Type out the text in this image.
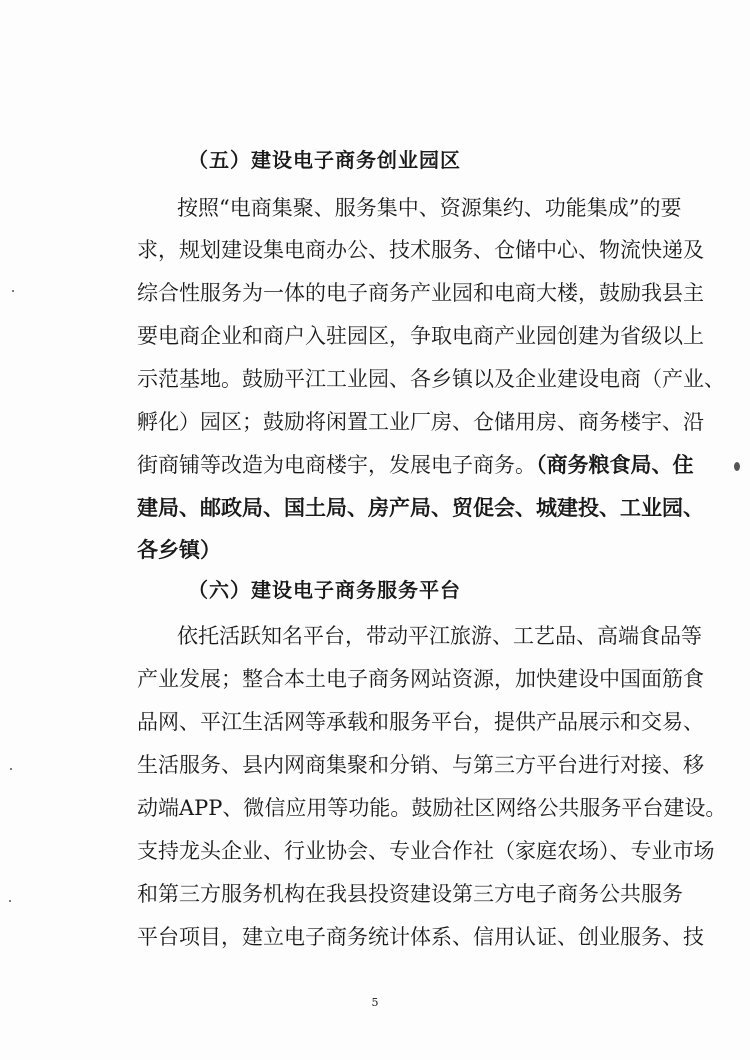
（五）建设电子商务创业园区
按照“电商集聚、服务集中、资源集约、功能集成”的要
求，规划建设集电商办公、技术服务、仓储中心、物流快递及
综合性服务为一体的电子商务产业园和电商大楼，鼓励我县主
要电商企业和商户入驻园区，争取电商产业园创建为省级以上
示范基地。鼓励平江工业园、各乡镇以及企业建设电商（产业、
孵化）园区；鼓励将闲置工业厂房、仓储用房、商务楼宇、沿
街商铺等改造为电商楼宇，发展电子商务。（商务粮食局、住
建局、邮政局、国土局、房产局、贸促会、城建投、工业园、
各乡镇）
（六）建设电子商务服务平台
依托活跃知名平台，带动平江旅游、工艺品、高端食品等
产业发展；整合本土电子商务网站资源，加快建设中国面筋食
品网、平江生活网等承载和服务平台，提供产品展示和交易、
生活服务、县内网商集聚和分销、与第三方平台进行对接、移
动端APP、微信应用等功能。鼓励社区网络公共服务平台建设。
支持龙头企业、行业协会、专业合作社（家庭农场）、专业市场
和第三方服务机构在我县投资建设第三方电子商务公共服务
平台项目，建立电子商务统计体系、信用认证、创业服务、技
5
